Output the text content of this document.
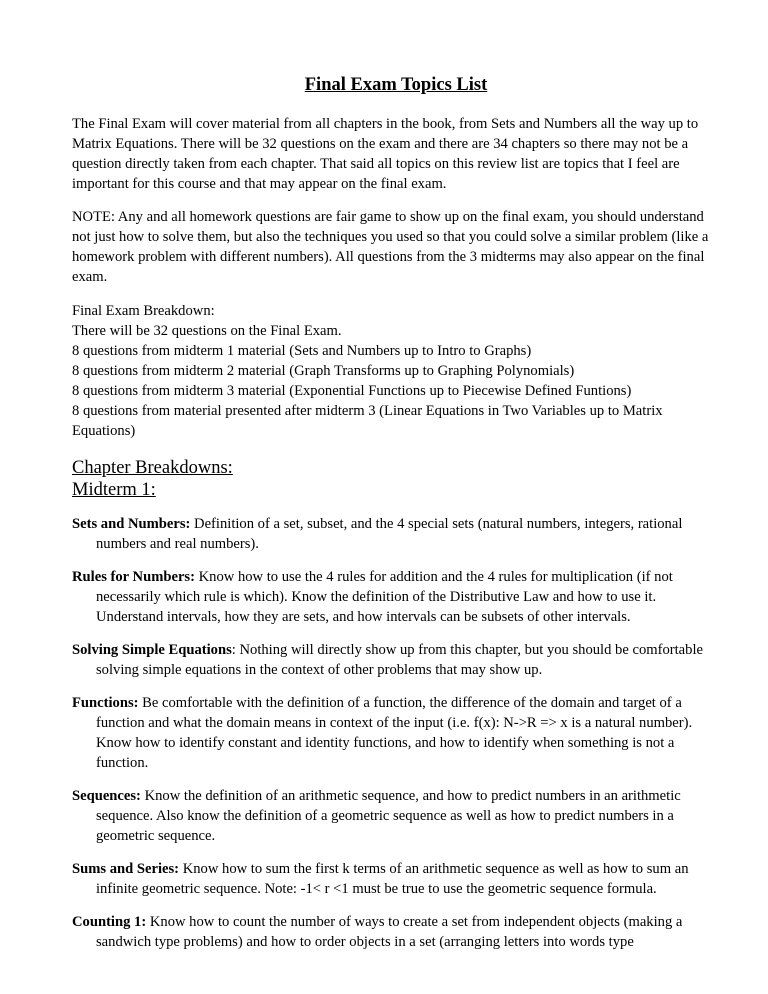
Final Exam Topics List
The Final Exam will cover material from all chapters in the book, from Sets and Numbers all the way up to Matrix Equations. There will be 32 questions on the exam and there are 34 chapters so there may not be a question directly taken from each chapter. That said all topics on this review list are topics that I feel are important for this course and that may appear on the final exam.
NOTE: Any and all homework questions are fair game to show up on the final exam, you should understand not just how to solve them, but also the techniques you used so that you could solve a similar problem (like a homework problem with different numbers). All questions from the 3 midterms may also appear on the final exam.
Final Exam Breakdown:
There will be 32 questions on the Final Exam.
8 questions from midterm 1 material (Sets and Numbers up to Intro to Graphs)
8 questions from midterm 2 material (Graph Transforms up to Graphing Polynomials)
8 questions from midterm 3 material (Exponential Functions up to Piecewise Defined Funtions)
8 questions from material presented after midterm 3 (Linear Equations in Two Variables up to Matrix Equations)
Chapter Breakdowns:
Midterm 1:
Sets and Numbers: Definition of a set, subset, and the 4 special sets (natural numbers, integers, rational numbers and real numbers).
Rules for Numbers: Know how to use the 4 rules for addition and the 4 rules for multiplication (if not necessarily which rule is which). Know the definition of the Distributive Law and how to use it. Understand intervals, how they are sets, and how intervals can be subsets of other intervals.
Solving Simple Equations: Nothing will directly show up from this chapter, but you should be comfortable solving simple equations in the context of other problems that may show up.
Functions: Be comfortable with the definition of a function, the difference of the domain and target of a function and what the domain means in context of the input (i.e. f(x): N->R => x is a natural number). Know how to identify constant and identity functions, and how to identify when something is not a function.
Sequences: Know the definition of an arithmetic sequence, and how to predict numbers in an arithmetic sequence. Also know the definition of a geometric sequence as well as how to predict numbers in a geometric sequence.
Sums and Series: Know how to sum the first k terms of an arithmetic sequence as well as how to sum an infinite geometric sequence. Note: -1< r <1 must be true to use the geometric sequence formula.
Counting 1: Know how to count the number of ways to create a set from independent objects (making a sandwich type problems) and how to order objects in a set (arranging letters into words type
